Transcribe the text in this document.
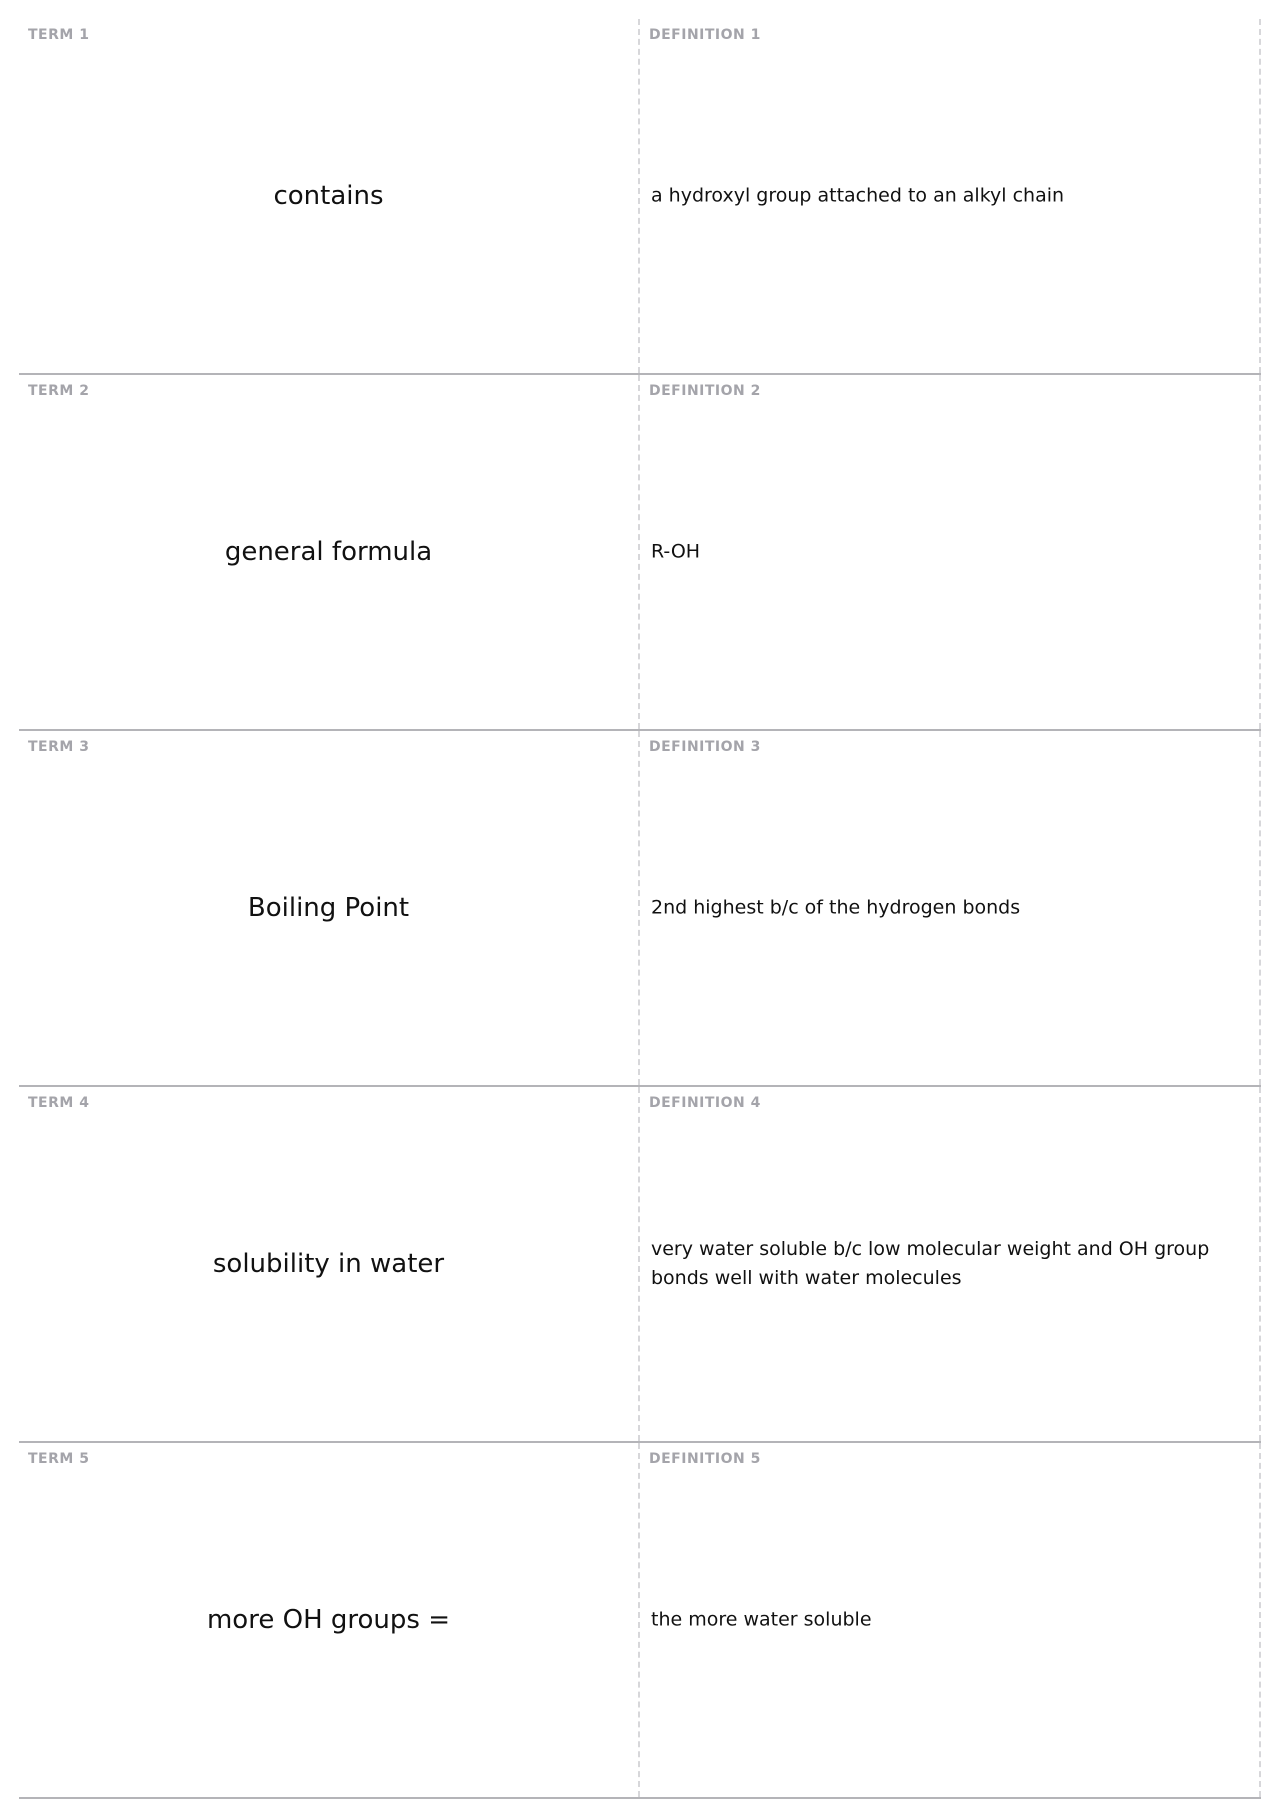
TERM 1
contains
DEFINITION 1
a hydroxyl group attached to an alkyl chain
TERM 2
general formula
DEFINITION 2
R-OH
TERM 3
Boiling Point
DEFINITION 3
2nd highest b/c of the hydrogen bonds
TERM 4
solubility in water
DEFINITION 4
very water soluble b/c low molecular weight and OH group bonds well with water molecules
TERM 5
more OH groups =
DEFINITION 5
the more water soluble
